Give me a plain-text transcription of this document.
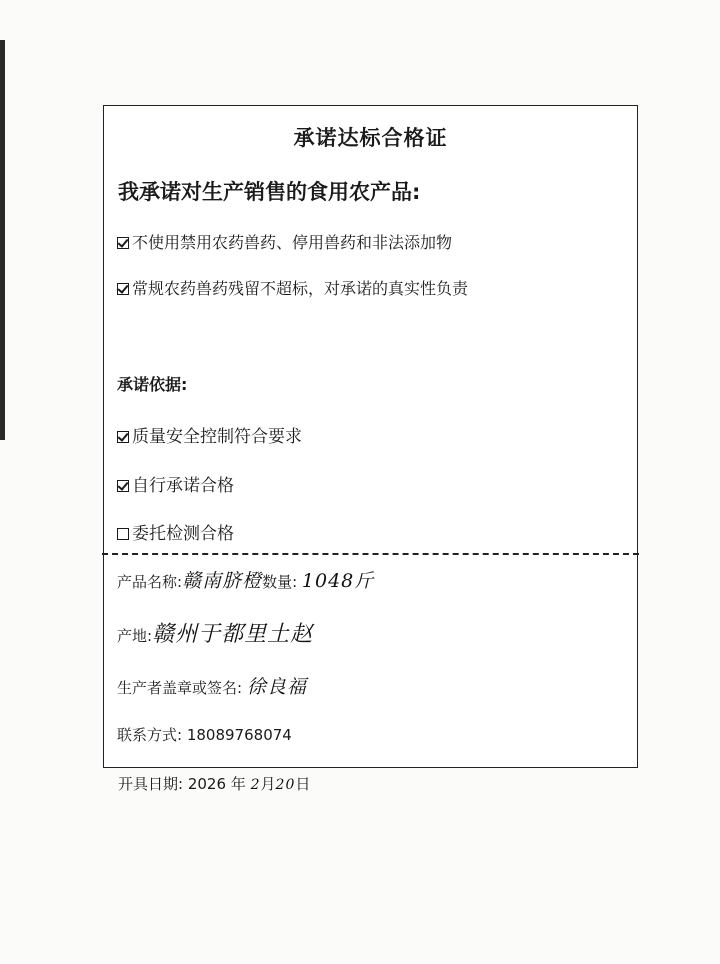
承诺达标合格证
我承诺对生产销售的食用农产品:
不使用禁用农药兽药、停用兽药和非法添加物
常规农药兽药残留不超标，对承诺的真实性负责
承诺依据:
质量安全控制符合要求
自行承诺合格
委托检测合格
产品名称:赣南脐橙数量: 1048斤
产地:赣州于都里土赵
生产者盖章或签名: 徐良福
联系方式: 18089768074
开具日期: 2026 年 2月20日
